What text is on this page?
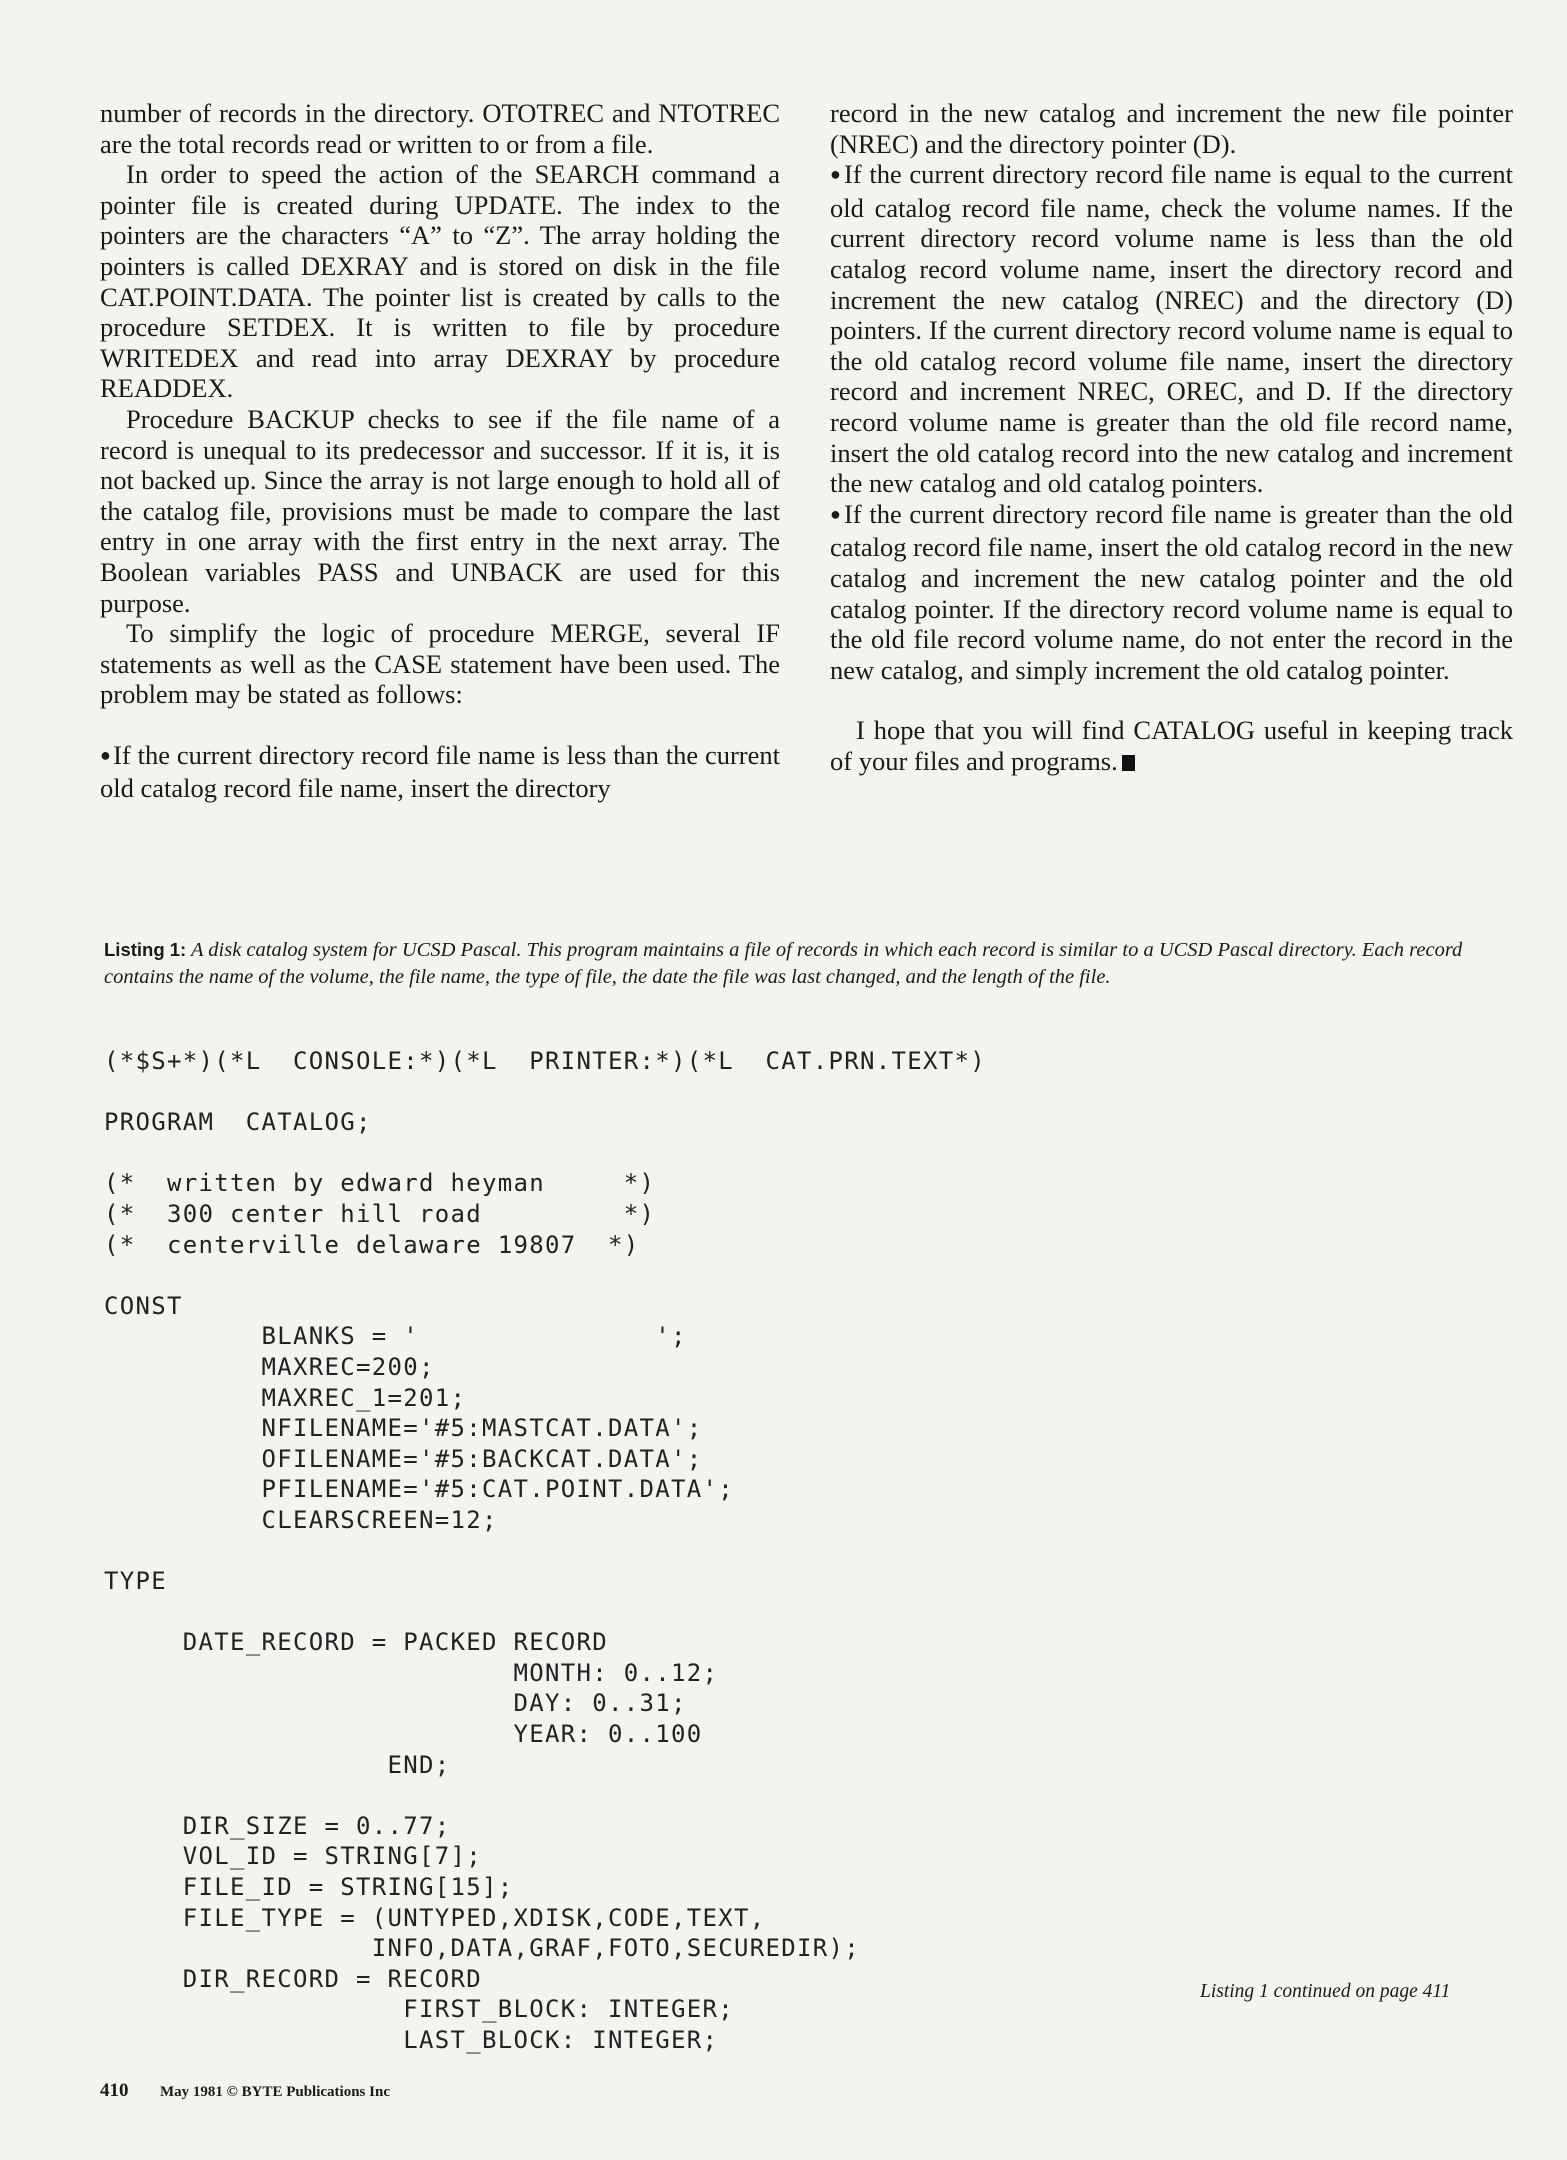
number of records in the directory. OTOTREC and NTOTREC are the total records read or written to or from a file.

In order to speed the action of the SEARCH command a pointer file is created during UPDATE. The index to the pointers are the characters “A” to “Z”. The array holding the pointers is called DEXRAY and is stored on disk in the file CAT.POINT.DATA. The pointer list is created by calls to the procedure SETDEX. It is written to file by procedure WRITEDEX and read into array DEXRAY by procedure READDEX.

Procedure BACKUP checks to see if the file name of a record is unequal to its predecessor and successor. If it is, it is not backed up. Since the array is not large enough to hold all of the catalog file, provisions must be made to compare the last entry in one array with the first entry in the next array. The Boolean variables PASS and UNBACK are used for this purpose.

To simplify the logic of procedure MERGE, several IF statements as well as the CASE statement have been used. The problem may be stated as follows:

● If the current directory record file name is less than the current old catalog record file name, insert the directory

record in the new catalog and increment the new file pointer (NREC) and the directory pointer (D).

● If the current directory record file name is equal to the current old catalog record file name, check the volume names. If the current directory record volume name is less than the old catalog record volume name, insert the directory record and increment the new catalog (NREC) and the directory (D) pointers. If the current directory record volume name is equal to the old catalog record volume file name, insert the directory record and increment NREC, OREC, and D. If the directory record volume name is greater than the old file record name, insert the old catalog record into the new catalog and increment the new catalog and old catalog pointers.

● If the current directory record file name is greater than the old catalog record file name, insert the old catalog record in the new catalog and increment the new catalog pointer and the old catalog pointer. If the directory record volume name is equal to the old file record volume name, do not enter the record in the new catalog, and simply increment the old catalog pointer.

I hope that you will find CATALOG useful in keeping track of your files and programs.

Listing 1: A disk catalog system for UCSD Pascal. This program maintains a file of records in which each record is similar to a UCSD Pascal directory. Each record contains the name of the volume, the file name, the type of file, the date the file was last changed, and the length of the file.
(*$S+*)(*L  CONSOLE:*)(*L  PRINTER:*)(*L  CAT.PRN.TEXT*)

PROGRAM  CATALOG;

(*  written by edward heyman     *)
(*  300 center hill road         *)
(*  centerville delaware 19807  *)

CONST
BLANKS = '               ';
MAXREC=200;
MAXREC_1=201;
NFILENAME='#5:MASTCAT.DATA';
OFILENAME='#5:BACKCAT.DATA';
PFILENAME='#5:CAT.POINT.DATA';
CLEARSCREEN=12;

TYPE

DATE_RECORD = PACKED RECORD
MONTH: 0..12;
DAY: 0..31;
YEAR: 0..100
END;

DIR_SIZE = 0..77;
VOL_ID = STRING[7];
FILE_ID = STRING[15];
FILE_TYPE = (UNTYPED,XDISK,CODE,TEXT,
INFO,DATA,GRAF,FOTO,SECUREDIR);
DIR_RECORD = RECORD
FIRST_BLOCK: INTEGER;
LAST_BLOCK: INTEGER;

Listing 1 continued on page 411
410 May 1981 © BYTE Publications Inc
